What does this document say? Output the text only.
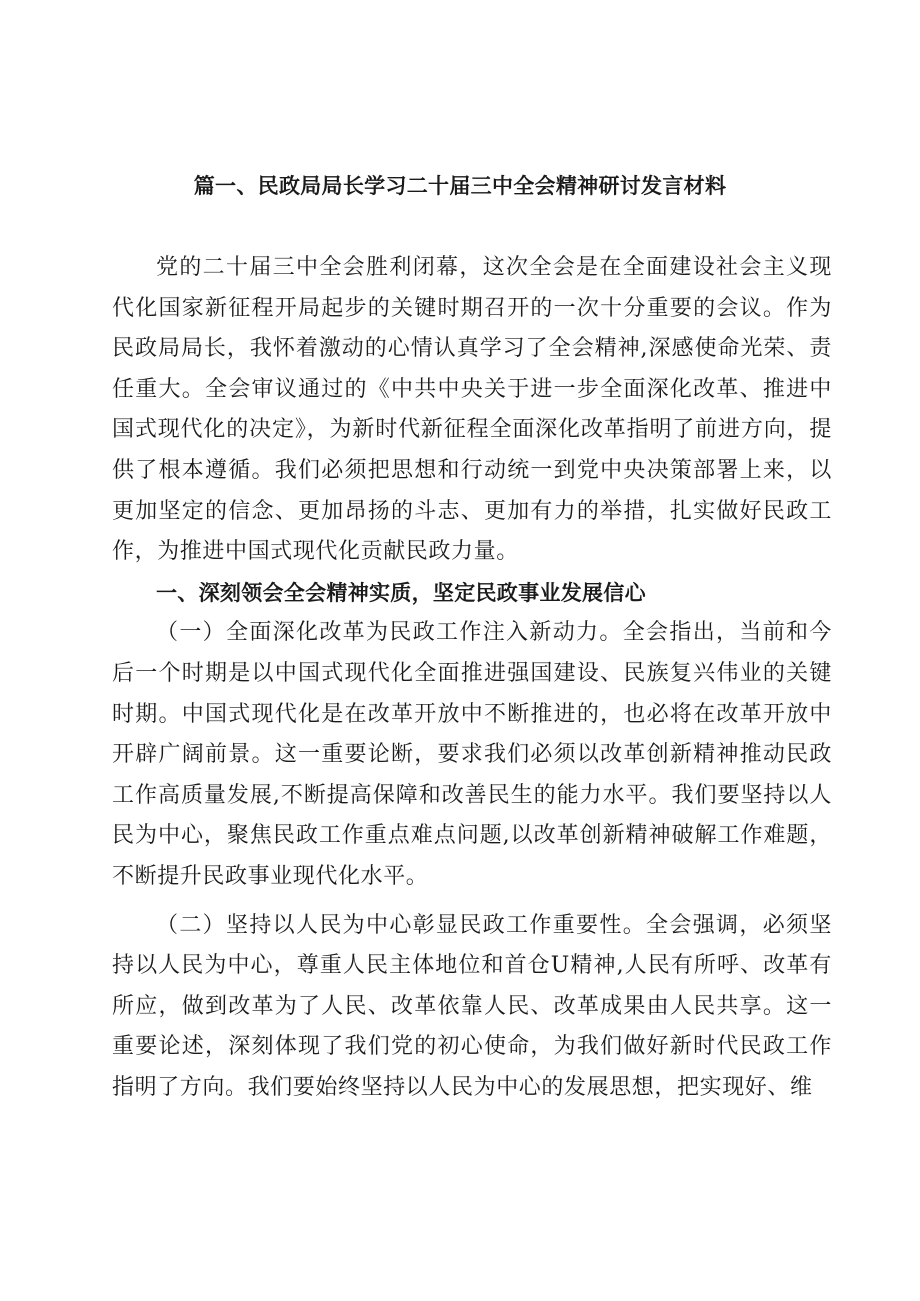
篇一、民政局局长学习二十届三中全会精神研讨发言材料

党的二十届三中全会胜利闭幕，这次全会是在全面建设社会主义现代化国家新征程开局起步的关键时期召开的一次十分重要的会议。作为民政局局长，我怀着激动的心情认真学习了全会精神,深感使命光荣、责任重大。全会审议通过的《中共中央关于进一步全面深化改革、推进中国式现代化的决定》，为新时代新征程全面深化改革指明了前进方向，提供了根本遵循。我们必须把思想和行动统一到党中央决策部署上来，以更加坚定的信念、更加昂扬的斗志、更加有力的举措，扎实做好民政工作，为推进中国式现代化贡献民政力量。

一、深刻领会全会精神实质，坚定民政事业发展信心

（一）全面深化改革为民政工作注入新动力。全会指出，当前和今后一个时期是以中国式现代化全面推进强国建设、民族复兴伟业的关键时期。中国式现代化是在改革开放中不断推进的，也必将在改革开放中开辟广阔前景。这一重要论断，要求我们必须以改革创新精神推动民政工作高质量发展,不断提高保障和改善民生的能力水平。我们要坚持以人民为中心，聚焦民政工作重点难点问题,以改革创新精神破解工作难题，不断提升民政事业现代化水平。

（二）坚持以人民为中心彰显民政工作重要性。全会强调，必须坚持以人民为中心，尊重人民主体地位和首仓U精神,人民有所呼、改革有所应，做到改革为了人民、改革依靠人民、改革成果由人民共享。这一重要论述，深刻体现了我们党的初心使命，为我们做好新时代民政工作指明了方向。我们要始终坚持以人民为中心的发展思想，把实现好、维
